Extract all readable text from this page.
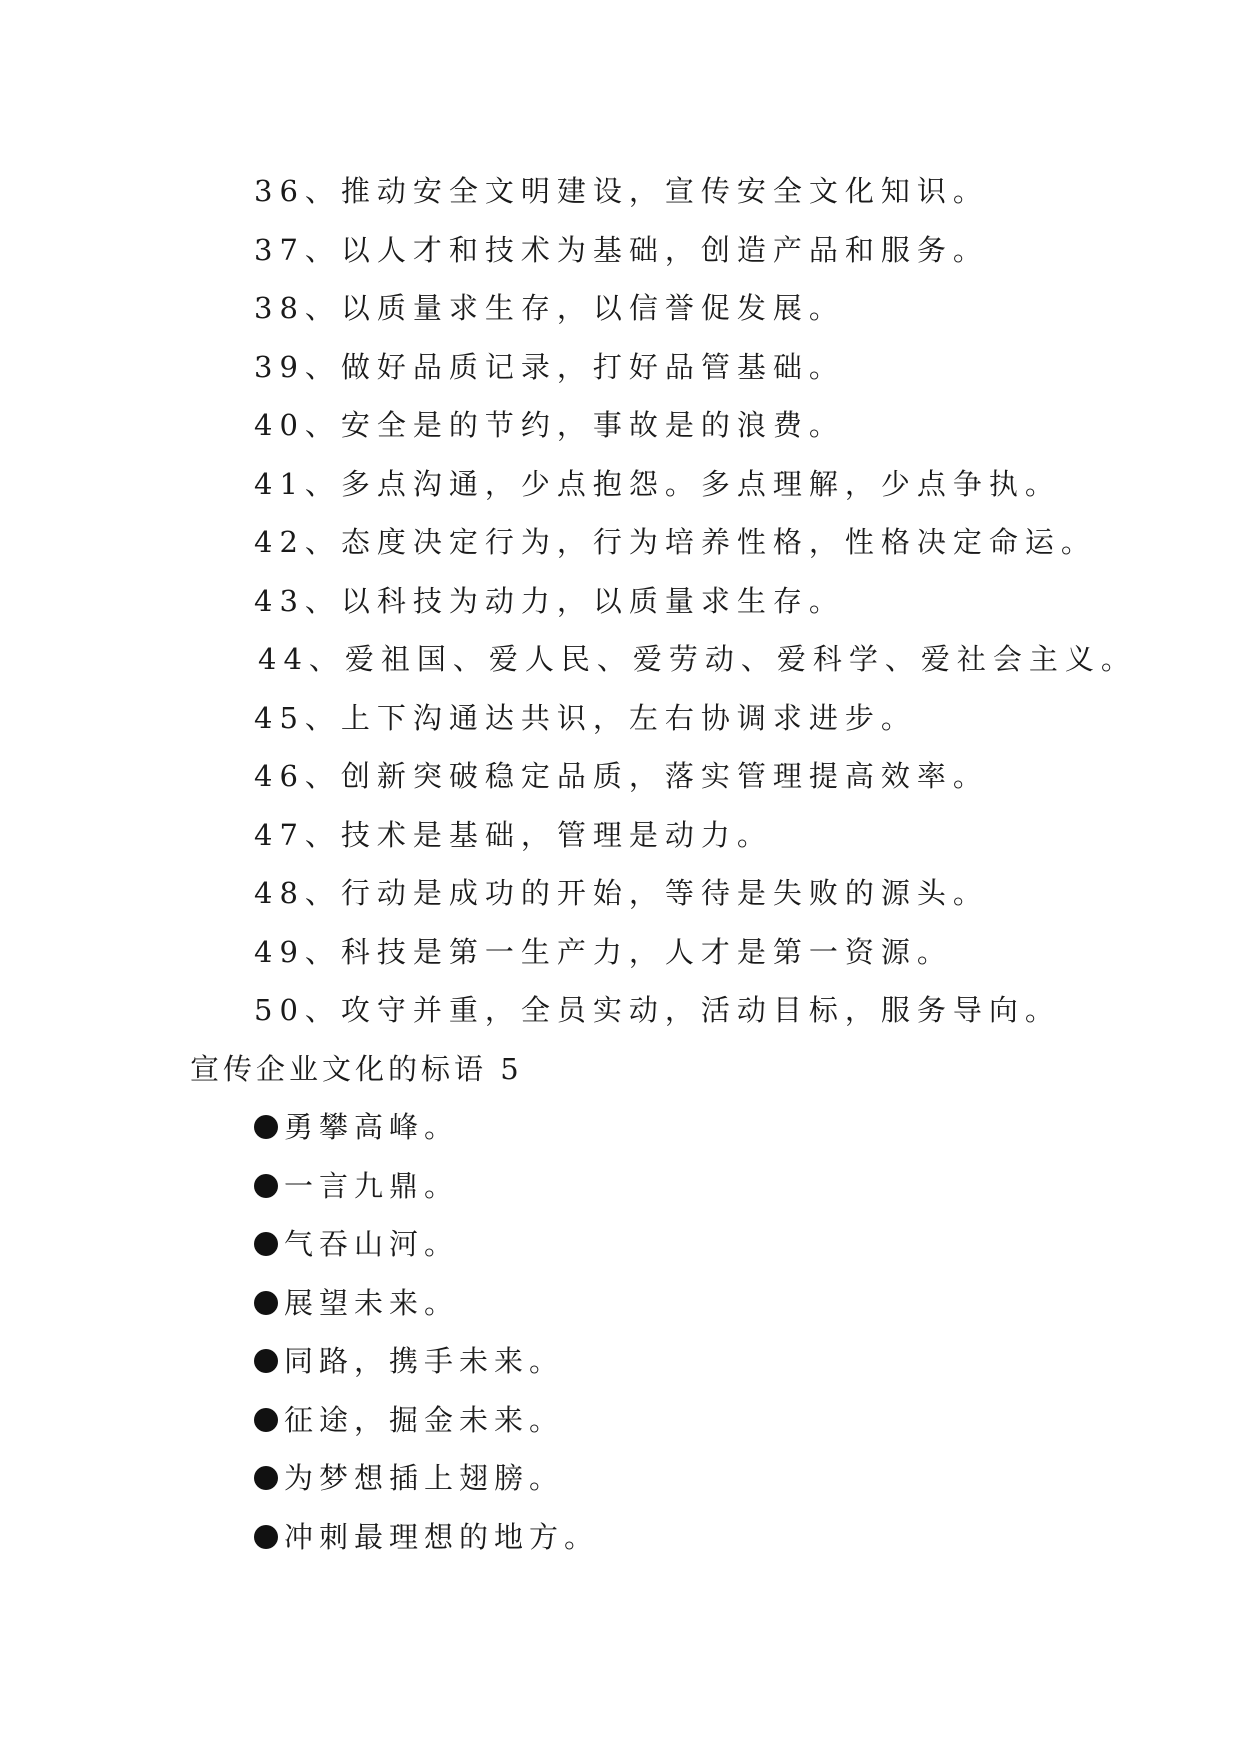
36、推动安全文明建设，宣传安全文化知识。
37、以人才和技术为基础，创造产品和服务。
38、以质量求生存，以信誉促发展。
39、做好品质记录，打好品管基础。
40、安全是的节约，事故是的浪费。
41、多点沟通，少点抱怨。多点理解，少点争执。
42、态度决定行为，行为培养性格，性格决定命运。
43、以科技为动力，以质量求生存。
44、爱祖国、爱人民、爱劳动、爱科学、爱社会主义。
45、上下沟通达共识，左右协调求进步。
46、创新突破稳定品质，落实管理提高效率。
47、技术是基础，管理是动力。
48、行动是成功的开始，等待是失败的源头。
49、科技是第一生产力，人才是第一资源。
50、攻守并重，全员实动，活动目标，服务导向。
宣传企业文化的标语 5
勇攀高峰。
一言九鼎。
气吞山河。
展望未来。
同路，携手未来。
征途，掘金未来。
为梦想插上翅膀。
冲刺最理想的地方。
